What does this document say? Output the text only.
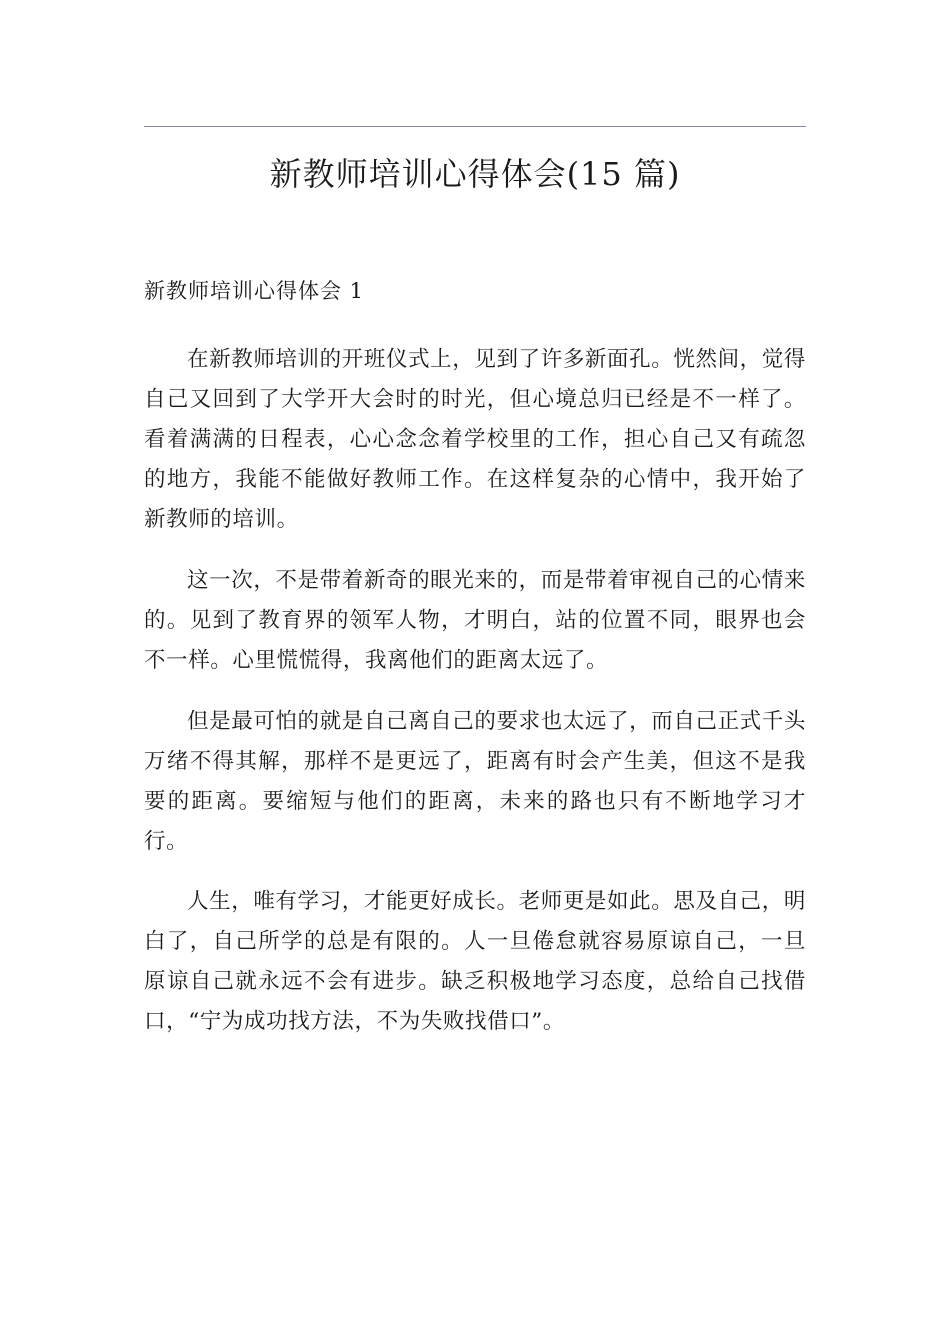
新教师培训心得体会(15 篇)
新教师培训心得体会 1

在新教师培训的开班仪式上，见到了许多新面孔。恍然间，觉得自己又回到了大学开大会时的时光，但心境总归已经是不一样了。看着满满的日程表，心心念念着学校里的工作，担心自己又有疏忽的地方，我能不能做好教师工作。在这样复杂的心情中，我开始了新教师的培训。

这一次，不是带着新奇的眼光来的，而是带着审视自己的心情来的。见到了教育界的领军人物，才明白，站的位置不同，眼界也会不一样。心里慌慌得，我离他们的距离太远了。

但是最可怕的就是自己离自己的要求也太远了，而自己正式千头万绪不得其解，那样不是更远了，距离有时会产生美，但这不是我要的距离。要缩短与他们的距离，未来的路也只有不断地学习才行。

人生，唯有学习，才能更好成长。老师更是如此。思及自己，明白了，自己所学的总是有限的。人一旦倦怠就容易原谅自己，一旦原谅自己就永远不会有进步。缺乏积极地学习态度，总给自己找借口，“宁为成功找方法，不为失败找借口”。
